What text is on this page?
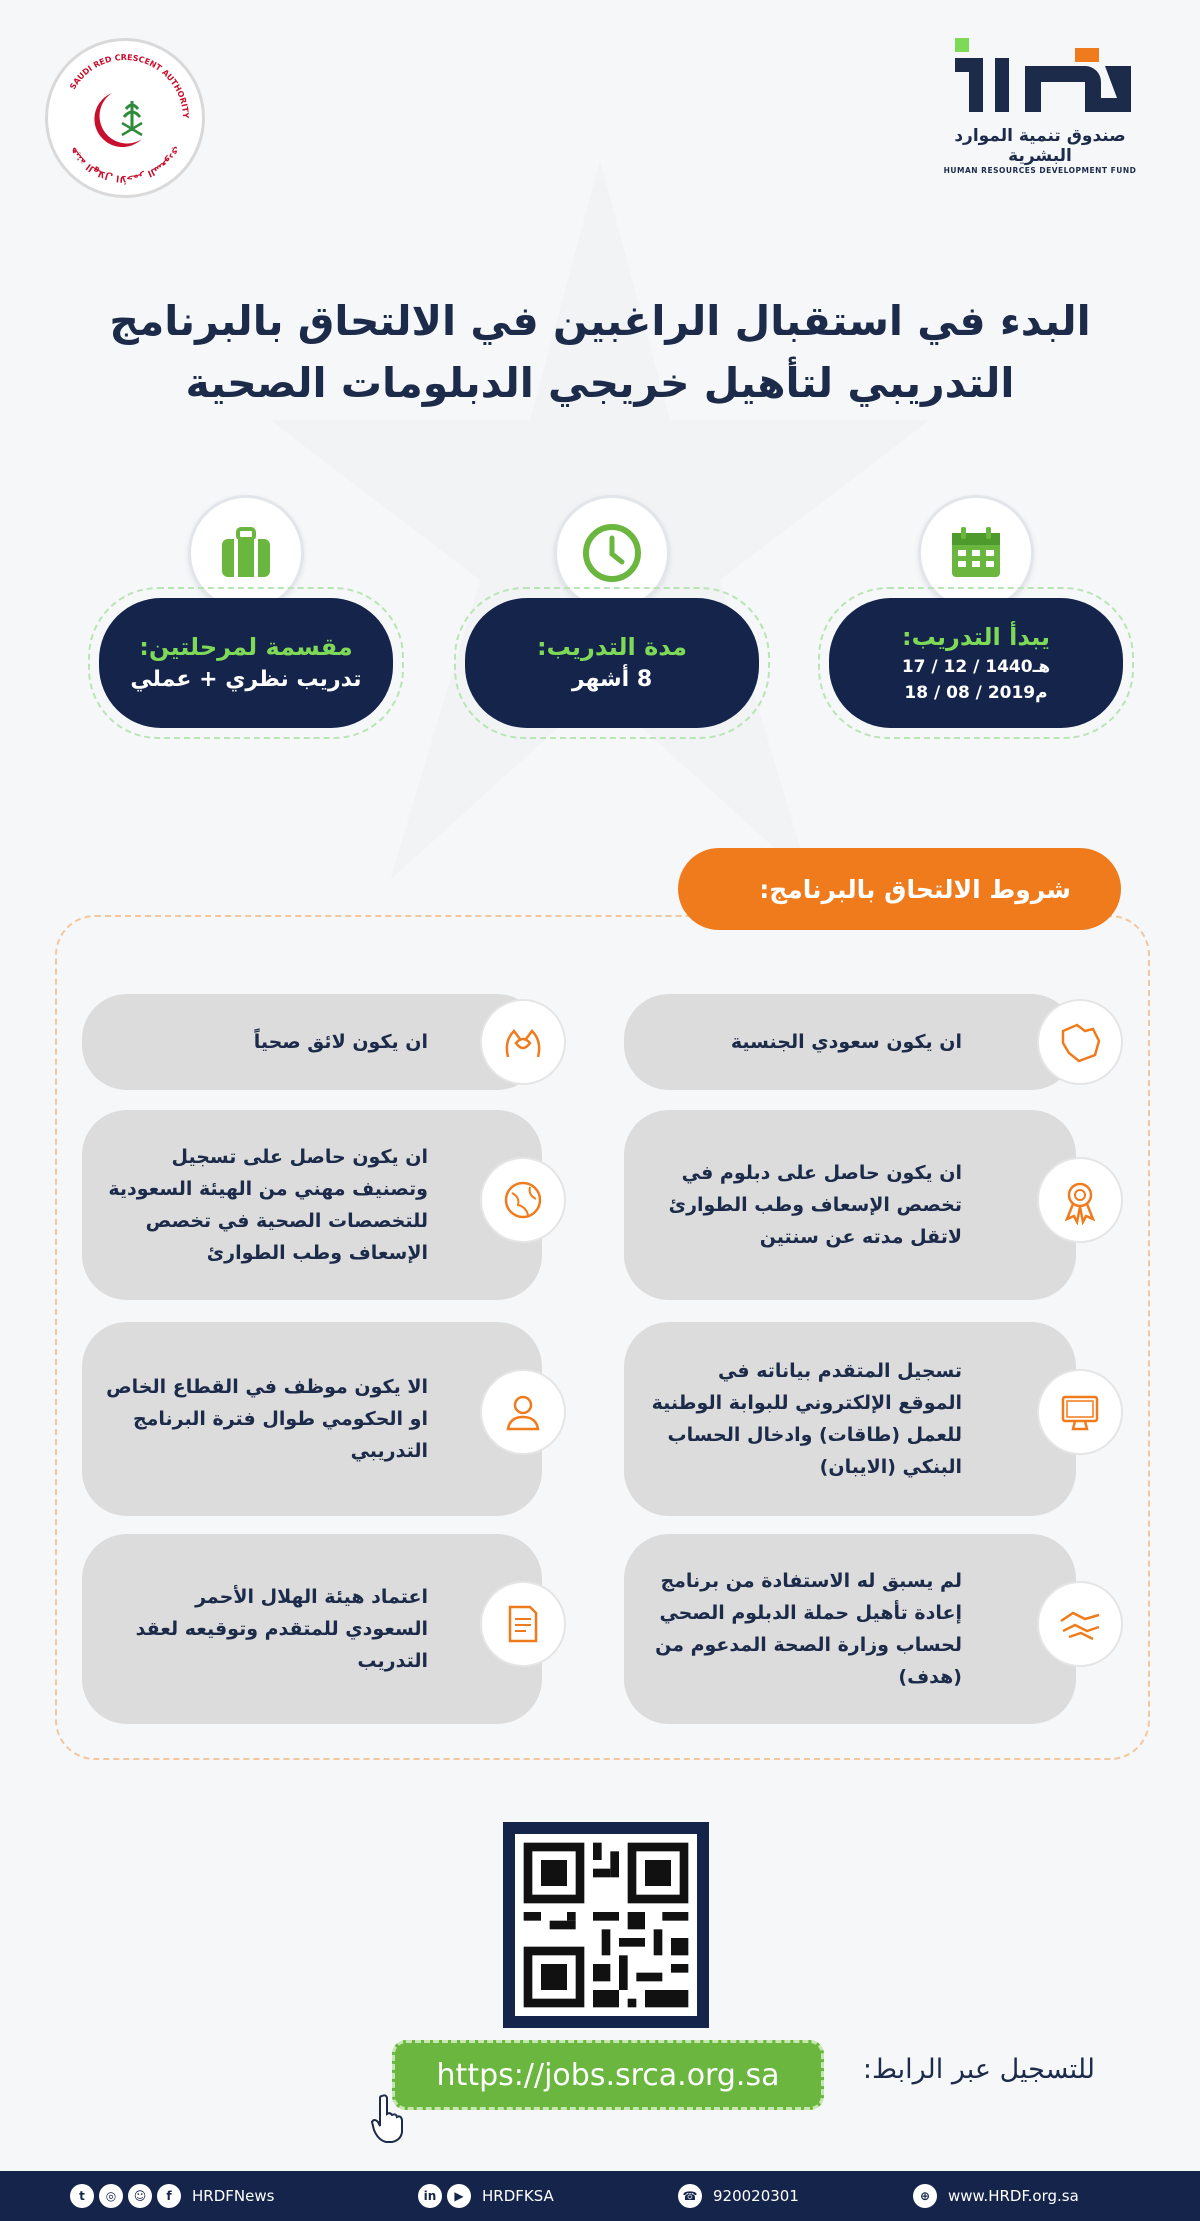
SAUDI RED CRESCENT AUTHORITY
هيئة الهلال الأحمر السعودي
صندوق تنمية الموارد البشرية
HUMAN RESOURCES DEVELOPMENT FUND
البدء في استقبال الراغبين في الالتحاق بالبرنامج
التدريبي لتأهيل خريجي الدبلومات الصحية
يبدأ التدريب:
17 / 12 / 1440هـ
18 / 08 / 2019م
مدة التدريب:
8 أشهر
مقسمة لمرحلتين:
تدريب نظري + عملي
شروط الالتحاق بالبرنامج:
ان يكون سعودي الجنسية
ان يكون لائق صحياً
ان يكون حاصل على دبلوم في تخصص الإسعاف وطب الطوارئ لاتقل مدته عن سنتين
ان يكون حاصل على تسجيل وتصنيف مهني من الهيئة السعودية للتخصصات الصحية في تخصص الإسعاف وطب الطوارئ
تسجيل المتقدم بياناته في الموقع الإلكتروني للبوابة الوطنية للعمل (طاقات) وادخال الحساب البنكي (الايبان)
الا يكون موظف في القطاع الخاص او الحكومي طوال فترة البرنامج التدريبي
لم يسبق له الاستفادة من برنامج إعادة تأهيل حملة الدبلوم الصحي لحساب وزارة الصحة المدعوم من (هدف)
اعتماد هيئة الهلال الأحمر السعودي للمتقدم وتوقيعه لعقد التدريب
للتسجيل عبر الرابط:
https://jobs.srca.org.sa
t	◎	☺	f	HRDFNews	in	▶	HRDFKSA	☎	920020301	⊕	www.HRDF.org.sa
